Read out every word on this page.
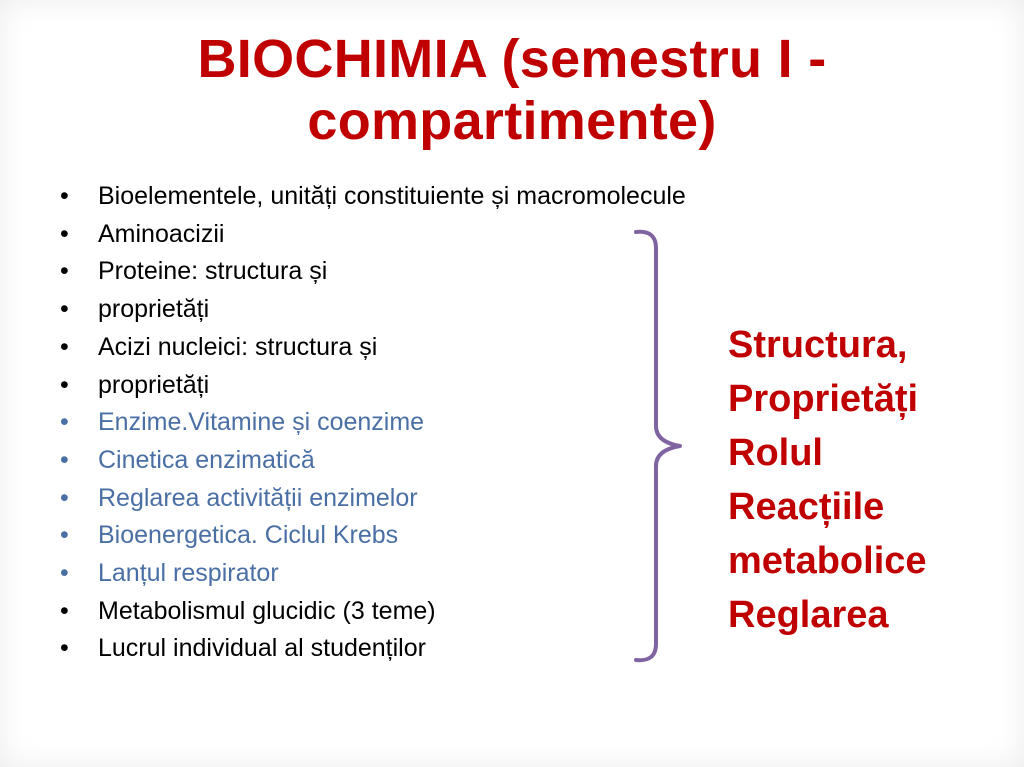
BIOCHIMIA (semestru I - compartimente)
• Bioelementele, unități constituiente și macromolecule
• Aminoacizii
• Proteine: structura și
• proprietăți
• Acizi nucleici: structura și
• proprietăți
• Enzime.Vitamine și coenzime
• Cinetica enzimatică
• Reglarea activității enzimelor
• Bioenergetica. Ciclul Krebs
• Lanțul respirator
• Metabolismul glucidic (3 teme)
• Lucrul individual al studenților
Structura,
Proprietăți
Rolul
Reacțiile
metabolice
Reglarea
